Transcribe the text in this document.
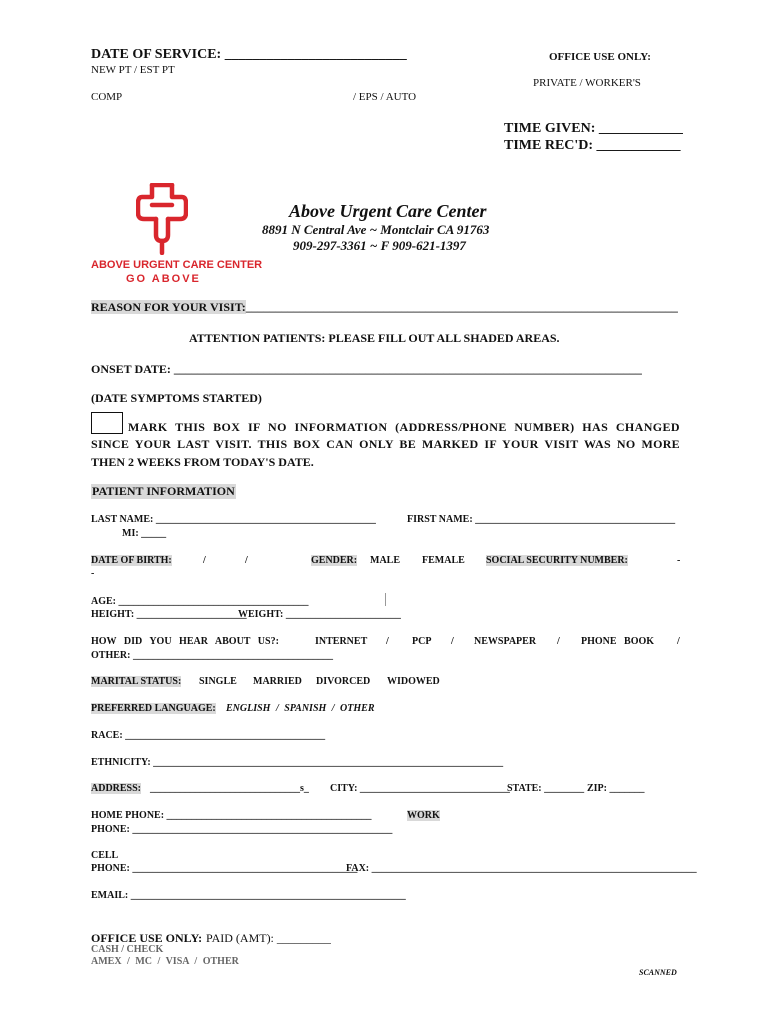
DATE OF SERVICE: __________________________
NEW PT / EST PT
OFFICE USE ONLY:
PRIVATE / WORKER'S
COMP	/ EPS / AUTO
TIME GIVEN: ____________
TIME REC'D: ____________
ABOVE URGENT CARE CENTER
GO ABOVE
Above Urgent Care Center
8891 N Central Ave ~ Montclair CA 91763
909-297-3361 ~ F 909-621-1397
REASON FOR YOUR VISIT:________________________________________________________________________
ATTENTION PATIENTS: PLEASE FILL OUT ALL SHADED AREAS.
ONSET DATE: ______________________________________________________________________________
(DATE SYMPTOMS STARTED)
MARK THIS BOX IF NO INFORMATION (ADDRESS/PHONE NUMBER) HAS CHANGED
SINCE YOUR LAST VISIT. THIS BOX CAN ONLY BE MARKED IF YOUR VISIT WAS NO MORE
THEN 2 WEEKS FROM TODAY'S DATE.
PATIENT INFORMATION
LAST NAME: ____________________________________________	FIRST NAME: ________________________________________
MI: _____
DATE OF BIRTH:	/	/	GENDER: MALE FEMALE SOCIAL SECURITY NUMBER:	-
-
AGE: ______________________________________
HEIGHT: ______________________
WEIGHT: _______________________
HOW DID YOU HEAR ABOUT US?:	INTERNET / PCP / NEWSPAPER / PHONE BOOK /
OTHER: ________________________________________
MARITAL STATUS: SINGLE MARRIED DIVORCED WIDOWED
PREFERRED LANGUAGE: ENGLISH / SPANISH / OTHER
RACE: ________________________________________
ETHNICITY: ______________________________________________________________________
ADDRESS: ______________________________s_ CITY: ______________________________
STATE: ________ ZIP: _______
HOME PHONE: _________________________________________	WORK
PHONE: ____________________________________________________
CELL
PHONE: _____________________________________________
FAX: _________________________________________________________________
EMAIL: _______________________________________________________
OFFICE USE ONLY: PAID (AMT): _________
CASH / CHECK
AMEX / MC / VISA / OTHER
SCANNED
